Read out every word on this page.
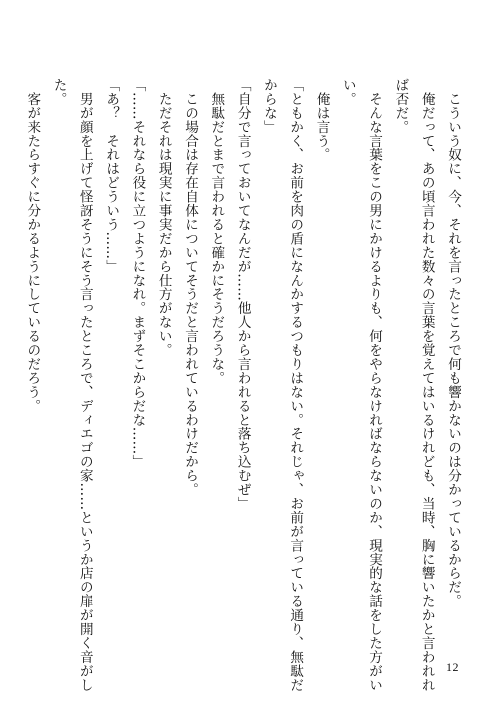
　こういう奴に、今、それを言ったところで何も響かないのは分かっているからだ。
　俺だって、あの頃言われた数々の言葉を覚えてはいるけれども、当時、胸に響いたかと言われれ
ば否だ。
　そんな言葉をこの男にかけるよりも、何をやらなければならないのか、現実的な話をした方がい
い。
　俺は言う。
「ともかく、お前を肉の盾になんかするつもりはない。それじゃ、お前が言っている通り、無駄だ
からな」
「自分で言っておいてなんだが……他人から言われると落ち込むぜ」
　無駄だとまで言われると確かにそうだろうな。
　この場合は存在自体についてそうだと言われているわけだから。
　ただそれは現実に事実だから仕方がない。
「……それなら役に立つようになれ。まずそこからだな……」
「あ？　それはどういう……」
　男が顔を上げて怪訝そうにそう言ったところで、ディエゴの家……というか店の扉が開く音がし
た。
　客が来たらすぐに分かるようにしているのだろう。
12
